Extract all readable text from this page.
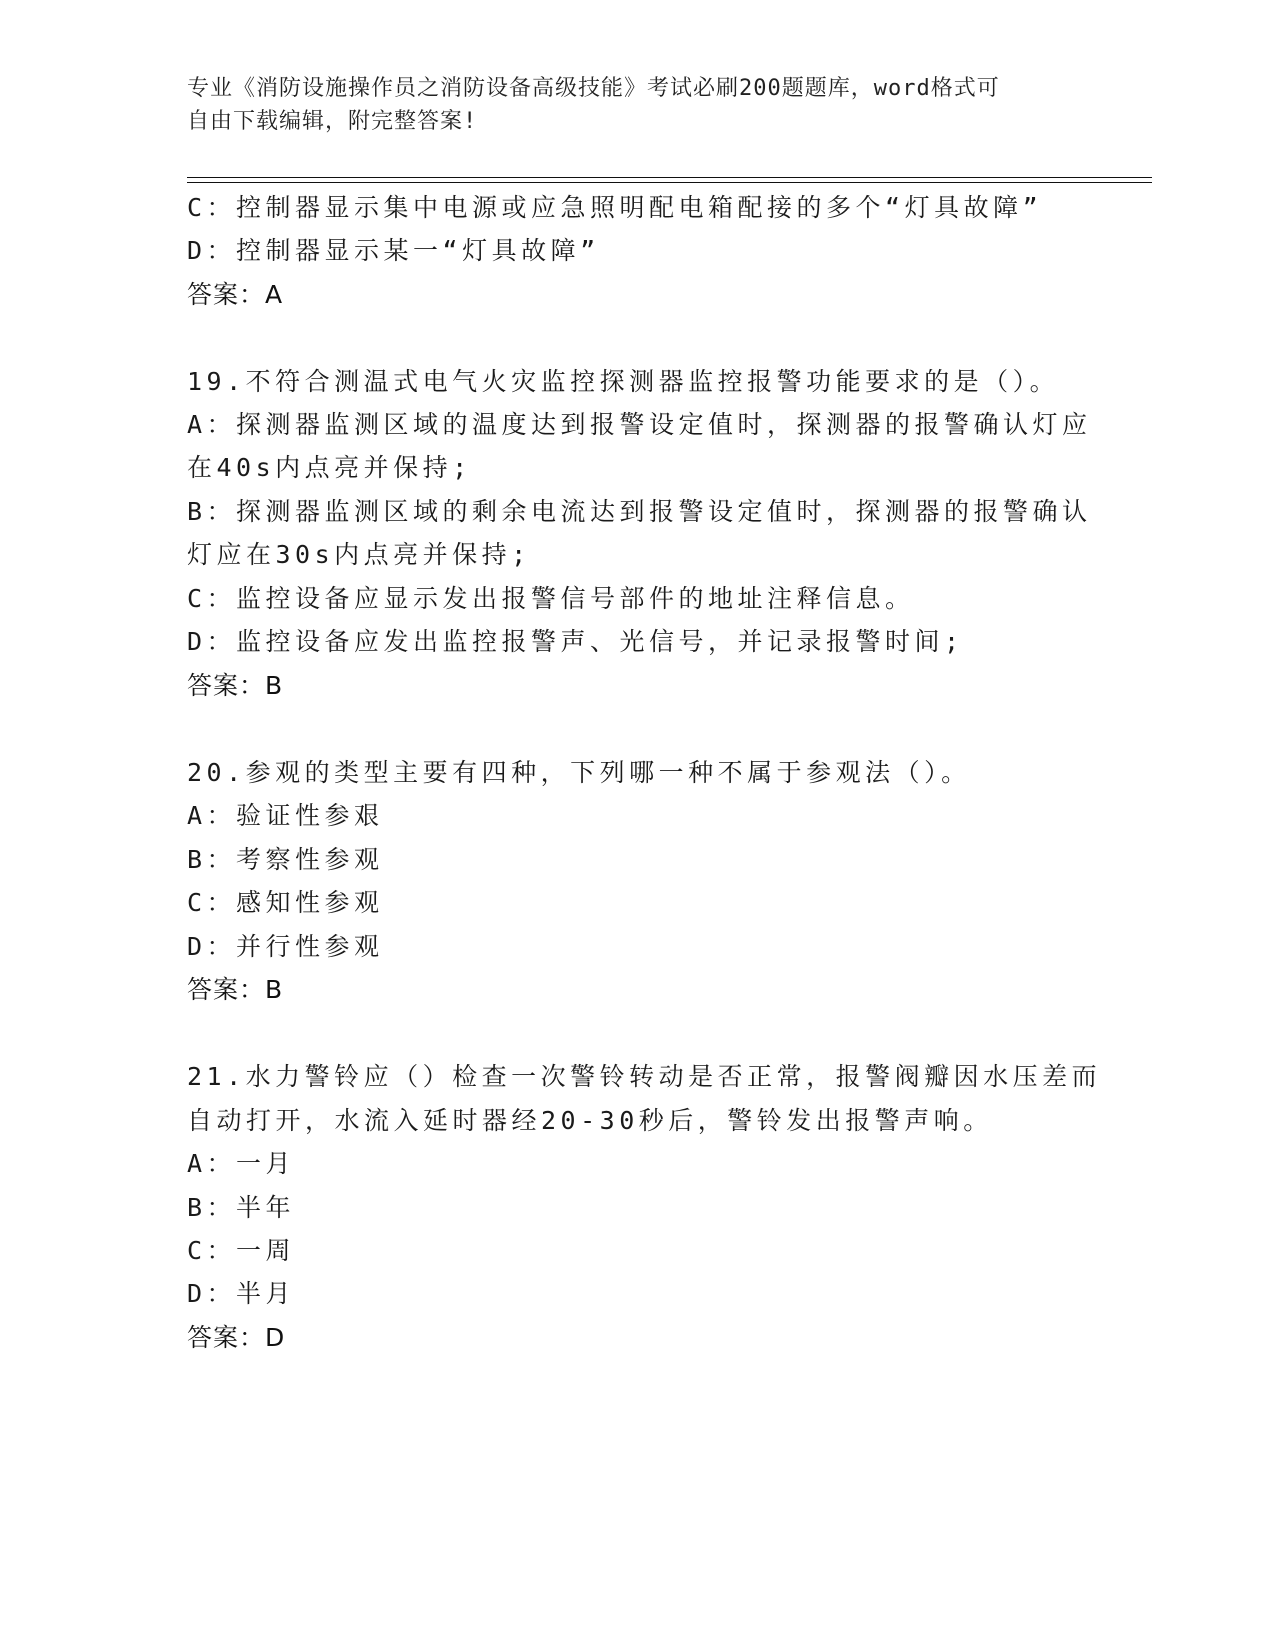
专业《消防设施操作员之消防设备高级技能》考试必刷200题题库，word格式可
自由下载编辑，附完整答案!
C：控制器显示集中电源或应急照明配电箱配接的多个“灯具故障”
D：控制器显示某一“灯具故障”
答案：A
19.不符合测温式电气火灾监控探测器监控报警功能要求的是（）。
A：探测器监测区域的温度达到报警设定值时，探测器的报警确认灯应
在40s内点亮并保持;
B：探测器监测区域的剩余电流达到报警设定值时，探测器的报警确认
灯应在30s内点亮并保持;
C：监控设备应显示发出报警信号部件的地址注释信息。
D：监控设备应发出监控报警声、光信号，并记录报警时间;
答案：B
20.参观的类型主要有四种，下列哪一种不属于参观法（）。
A：验证性参艰
B：考察性参观
C：感知性参观
D：并行性参观
答案：B
21.水力警铃应（）检查一次警铃转动是否正常，报警阀瓣因水压差而
自动打开，水流入延时器经20-30秒后，警铃发出报警声响。
A：一月
B：半年
C：一周
D：半月
答案：D
